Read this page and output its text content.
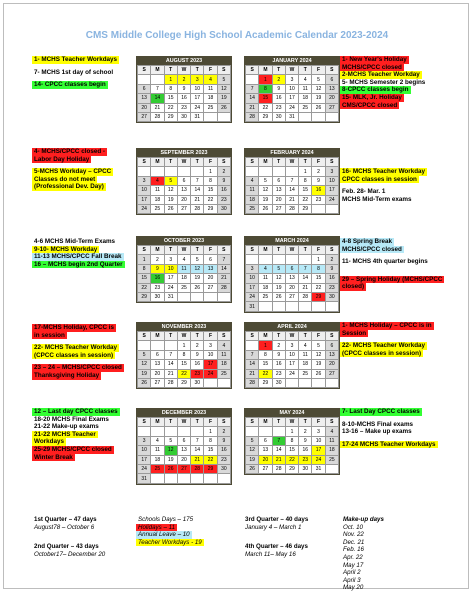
CMS Middle College High School Academic Calendar 2023-2024
1- MCHS Teacher Workdays
7- MCHS 1st day of school
14- CPCC classes begin
4- MCHS/CPCC closed -
Labor Day Holiday
5-MCHS Workday – CPCC
Classes do not meet
(Professional Dev. Day)
4-6 MCHS Mid-Term Exams
9-10- MCHS Workday
11-13 MCHS/CPCC Fall Break
16 – MCHS begin 2nd Quarter
17-MCHS Holiday, CPCC is
in session
22- MCHS Teacher Workday
(CPCC classes in session)
23 – 24 – MCHS/CPCC closed
Thanksgiving Holiday
12 – Last day CPCC classes
18-20 MCHS Final Exams
21-22 Make-up exams
21-22 MCHS Teacher
Workdays
25-29 MCHS/CPCC closed
Winter Break
1- New Year's Holiday
MCHS/CPCC closed
2-MCHS Teacher Workday
5- MCHS Semester 2 begins
8-CPCC classes begin
15- MLK, Jr. Holiday
CMS/CPCC closed
16- MCHS Teacher Workday
CPCC classes in session
Feb. 28- Mar. 1
MCHS Mid-Term exams
4-8 Spring Break
MCHS/CPCC closed
11- MCHS 4th quarter begins
29 – Spring Holiday (MCHS/CPCC
closed)
1- MCHS Holiday – CPCC is in
Session
22- MCHS Teacher Workday
(CPCC classes in session)
7- Last Day CPCC classes
8-10-MCHS Final exams
13-16 – Make up exams
17-24 MCHS Teacher Workdays
AUGUST 2023
S	M	T	W	T	F	S
		1	2	3	4	5
6	7	8	9	10	11	12
13	14	15	16	17	18	19
20	21	22	23	24	25	26
27	28	29	30	31		
JANUARY 2024
S	M	T	W	T	F	S
	1	2	3	4	5	6
7	8	9	10	11	12	13
14	15	16	17	18	19	20
21	22	23	24	25	26	27
28	29	30	31			
SEPTEMBER 2023
S	M	T	W	T	F	S
					1	2
3	4	5	6	7	8	9
10	11	12	13	14	15	16
17	18	19	20	21	22	23
24	25	26	27	28	29	30
FEBRUARY 2024
S	M	T	W	T	F	S
				1	2	3
4	5	6	7	8	9	10
11	12	13	14	15	16	17
18	19	20	21	22	23	24
25	26	27	28	29		
OCTOBER 2023
S	M	T	W	T	F	S
1	2	3	4	5	6	7
8	9	10	11	12	13	14
15	16	17	18	19	20	21
22	23	24	25	26	27	28
29	30	31				
MARCH 2024
S	M	T	W	T	F	S
					1	2
3	4	5	6	7	8	9
10	11	12	13	14	15	16
17	18	19	20	21	22	23
24	25	26	27	28	29	30
31						
NOVEMBER 2023
S	M	T	W	T	F	S
			1	2	3	4
5	6	7	8	9	10	11
12	13	14	15	16	17	18
19	20	21	22	23	24	25
26	27	28	29	30		
APRIL 2024
S	M	T	W	T	F	S
	1	2	3	4	5	6
7	8	9	10	11	12	13
14	15	16	17	18	19	20
21	22	23	24	25	26	27
28	29	30				
DECEMBER 2023
S	M	T	W	T	F	S
					1	2
3	4	5	6	7	8	9
10	11	12	13	14	15	16
17	18	19	20	21	22	23
24	25	26	27	28	29	30
31						
MAY 2024
S	M	T	W	T	F	S
			1	2	3	4
5	6	7	8	9	10	11
12	13	14	15	16	17	18
19	20	21	22	23	24	25
26	27	28	29	30	31	
1st Quarter – 47 days
August78 – October 6
2nd Quarter – 43 days
October17– December 20
3rd Quarter – 40 days
January 4 – March 1
4th Quarter – 46 days
March 11– May 16
Schools Days – 175
Holidays – 11
Annual Leave – 10
Teacher Workdays - 19
Make-up days
Oct. 10
Nov. 22
Dec. 21
Feb. 16
Apr. 22
May 17
April 2
April 3
May 20
